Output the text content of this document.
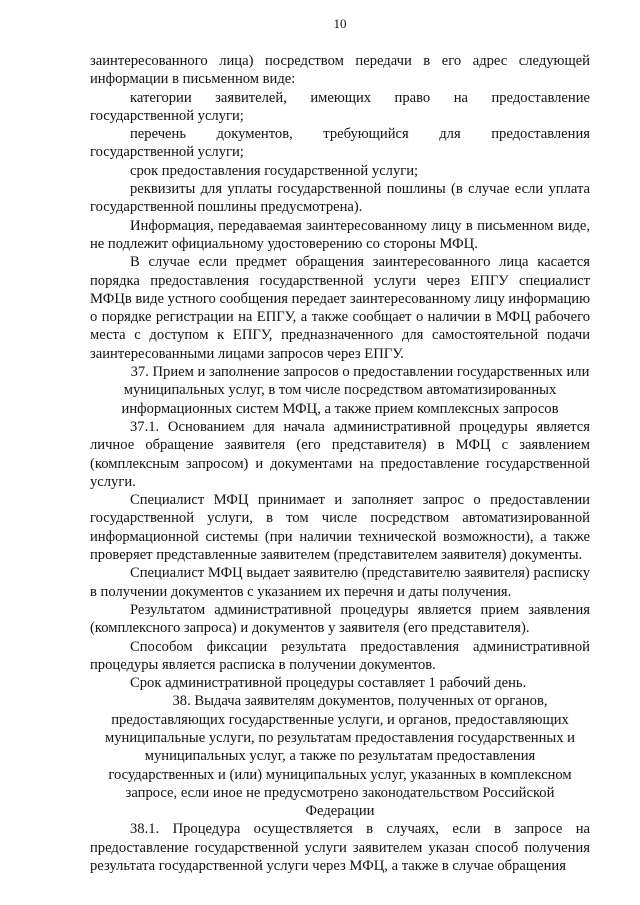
10

заинтересованного лица) посредством передачи в его адрес следующей информации в письменном виде:

категории заявителей, имеющих право на предоставление государственной услуги;

перечень документов, требующийся для предоставления государственной услуги;

срок предоставления государственной услуги;

реквизиты для уплаты государственной пошлины (в случае если уплата государственной пошлины предусмотрена).

Информация, передаваемая заинтересованному лицу в письменном виде, не подлежит официальному удостоверению со стороны МФЦ.

В случае если предмет обращения заинтересованного лица касается порядка предоставления государственной услуги через ЕПГУ специалист МФЦв виде устного сообщения передает заинтересованному лицу информацию о порядке регистрации на ЕПГУ, а также сообщает о наличии в МФЦ рабочего места с доступом к ЕПГУ, предназначенного для самостоятельной подачи заинтересованными лицами запросов через ЕПГУ.

37. Прием и заполнение запросов о предоставлении государственных или муниципальных услуг, в том числе посредством автоматизированных информационных систем МФЦ, а также прием комплексных запросов

37.1. Основанием для начала административной процедуры является личное обращение заявителя (его представителя) в МФЦ с заявлением (комплексным запросом) и документами на предоставление государственной услуги.

Специалист МФЦ принимает и заполняет запрос о предоставлении государственной услуги, в том числе посредством автоматизированной информационной системы (при наличии технической возможности), а также проверяет представленные заявителем (представителем заявителя) документы.

Специалист МФЦ выдает заявителю (представителю заявителя) расписку в получении документов с указанием их перечня и даты получения.

Результатом административной процедуры является прием заявления (комплексного запроса) и документов у заявителя (его представителя).

Способом фиксации результата предоставления административной процедуры является расписка в получении документов.

Срок административной процедуры составляет 1 рабочий день.

38. Выдача заявителям документов, полученных от органов, предоставляющих государственные услуги, и органов, предоставляющих муниципальные услуги, по результатам предоставления государственных и муниципальных услуг, а также по результатам предоставления государственных и (или) муниципальных услуг, указанных в комплексном запросе, если иное не предусмотрено законодательством Российской Федерации

38.1. Процедура осуществляется в случаях, если в запросе на предоставление государственной услуги заявителем указан способ получения результата государственной услуги через МФЦ, а также в случае обращения
